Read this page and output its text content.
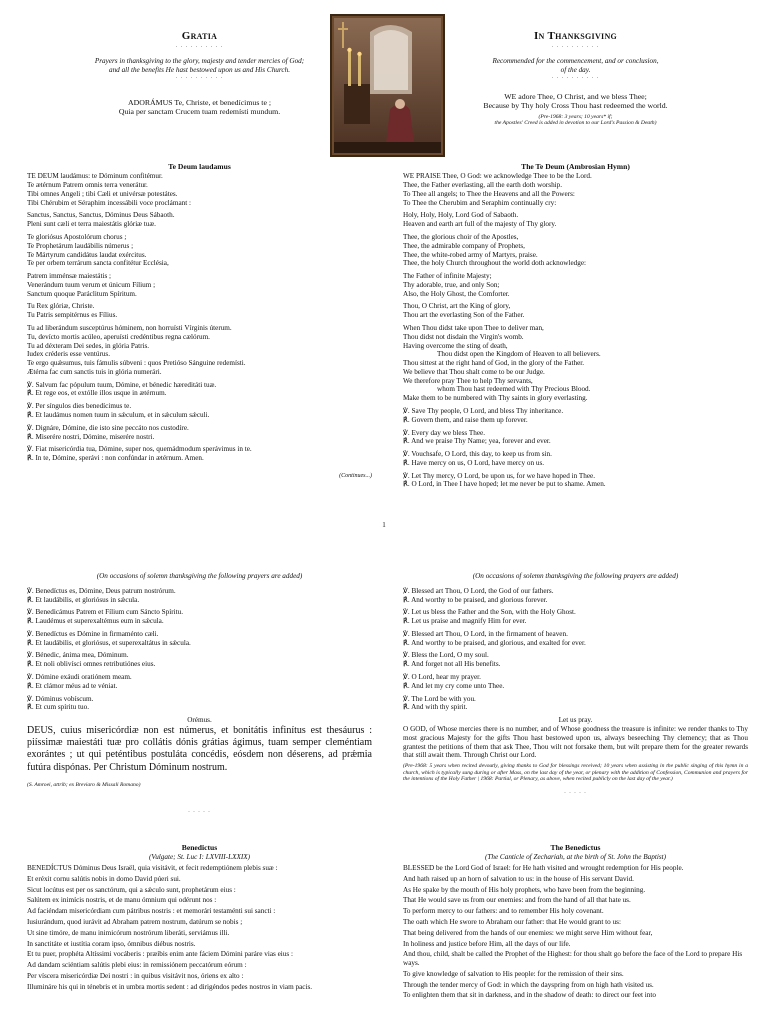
Gratia
. . . . . . . . . .
Prayers in thanksgiving to the glory, majesty and tender mercies of God;
and all the benefits He hast bestowed upon us and His Church.
. . . . . . . . . .
ADORÁMUS Te, Christe, et benedícimus te ;
Quia per sanctam Crucem tuam redemísti mundum.
In Thanksgiving
. . . . . . . . . .
Recommended for the commencement, and or conclusion,
of the day.
. . . . . . . . . .
WE adore Thee, O Christ, and we bless Thee;
Because by Thy holy Cross Thou hast redeemed the world.
(Pre-1968: 3 years; 10 years* if;
the Apostles' Creed is added in devotion to our Lord's Passion & Death)
Te Deum laudamus

TE DEUM laudámus: te Dóminum confitémur.

Te ætérnum Patrem omnis terra venerátur.

Tibi omnes Angeli ; tibi Cæli et univérsæ potestátes.

Tibi Chérubim et Séraphim incessábili voce proclámant :

Sanctus, Sanctus, Sanctus, Dóminus Deus Sábaoth.

Pleni sunt cæli et terra maiestátis glóriæ tuæ.

Te gloriósus Apostolórum chorus ;

Te Prophetárum laudábilis númerus ;

Te Mártyrum candidátus laudat exércitus.

Te per orbem terrárum sancta confitétur Ecclésia,

Patrem imménsæ maiestátis ;

Venerándum tuum verum et únicum Fílium ;

Sanctum quoque Paráclitum Spíritum.

Tu Rex glóriæ, Christe.

Tu Patris sempitérnus es Fílius.

Tu ad liberándum susceptúrus hóminem, non horruísti Vírginis úterum.

Tu, devícto mortis acúleo, aperuísti credéntibus regna cælórum.

Tu ad déxteram Dei sedes, in glória Patris.

Iudex créderis esse ventúrus.

Te ergo quǽsumus, tuis fámulis súbveni : quos Pretióso Sánguine redemísti.

Ætérna fac cum sanctis tuis in glória numerári.

℣. Salvum fac pópulum tuum, Dómine, et bénedic hæreditáti tuæ.

℟. Et rege eos, et extólle illos usque in ætérnum.

℣. Per síngulos dies benedícimus te.

℟. Et laudámus nomen tuum in sǽculum, et in sǽculum sǽculi.

℣. Dignáre, Dómine, die isto sine peccáto nos custodíre.

℟. Miserére nostri, Dómine, miserére nostri.

℣. Fiat misericórdia tua, Dómine, super nos, quemádmodum sperávimus in te.

℟. In te, Dómine, sperávi : non confúndar in ætérnum. Amen.

(Continues...)
The Te Deum (Ambrosian Hymn)

WE PRAISE Thee, O God: we acknowledge Thee to be the Lord.

Thee, the Father everlasting, all the earth doth worship.

To Thee all angels; to Thee the Heavens and all the Powers:

To Thee the Cherubim and Seraphim continually cry:

Holy, Holy, Holy, Lord God of Sabaoth.

Heaven and earth art full of the majesty of Thy glory.

Thee, the glorious choir of the Apostles,

Thee, the admirable company of Prophets,

Thee, the white-robed army of Martyrs, praise.

Thee, the holy Church throughout the world doth acknowledge:

The Father of infinite Majesty;

Thy adorable, true, and only Son;

Also, the Holy Ghost, the Comforter.

Thou, O Christ, art the King of glory,

Thou art the everlasting Son of the Father.

When Thou didst take upon Thee to deliver man,

Thou didst not disdain the Virgin's womb.

Having overcome the sting of death,

Thou didst open the Kingdom of Heaven to all believers.

Thou sittest at the right hand of God, in the glory of the Father.

We believe that Thou shalt come to be our Judge.

We therefore pray Thee to help Thy servants,

whom Thou hast redeemed with Thy Precious Blood.

Make them to be numbered with Thy saints in glory everlasting.

℣. Save Thy people, O Lord, and bless Thy inheritance.

℟. Govern them, and raise them up forever.

℣. Every day we bless Thee.

℟. And we praise Thy Name; yea, forever and ever.

℣. Vouchsafe, O Lord, this day, to keep us from sin.

℟. Have mercy on us, O Lord, have mercy on us.

℣. Let Thy mercy, O Lord, be upon us, for we have hoped in Thee.

℟. O Lord, in Thee I have hoped; let me never be put to shame. Amen.

1
(On occasions of solemn thanksgiving the following prayers are added)

℣. Benedíctus es, Dómine, Deus patrum nostrórum.

℟. Et laudábilis, et gloriósus in sǽcula.

℣. Benedicámus Patrem et Fílium cum Sáncto Spíritu.

℟. Laudémus et superexaltémus eum in sǽcula.

℣. Benedíctus es Dómine in firmaménto cæli.

℟. Et laudábilis, et gloriósus, et superexaltátus in sǽcula.

℣. Bénedic, ánima mea, Dóminum.

℟. Et noli oblivísci omnes retributiónes eius.

℣. Dómine exáudi oratiónem meam.

℟. Et clámor méus ad te véniat.

℣. Dóminus vobíscum.

℟. Et cum spíritu tuo.

Orémus.
DEUS, cuius misericórdiæ non est númerus, et bonitátis infinítus est thesáurus : piíssimæ maiestáti tuæ pro collátis dónis grátias ágimus, tuam semper cleméntiam exorántes ; ut qui peténtibus postuláta concédis, eósdem non déserens, ad prǽmia futúra dispónas. Per Christum Dóminum nostrum.
(S. Amroei, attrib; ex Breviaro & Missali Romano)
. . . . .
(On occasions of solemn thanksgiving the following prayers are added)

℣. Blessed art Thou, O Lord, the God of our fathers.

℟. And worthy to be praised, and glorious forever.

℣. Let us bless the Father and the Son, with the Holy Ghost.

℟. Let us praise and magnify Him for ever.

℣. Blessed art Thou, O Lord, in the firmament of heaven.

℟. And worthy to be praised, and glorious, and exalted for ever.

℣. Bless the Lord, O my soul.

℟. And forget not all His benefits.

℣. O Lord, hear my prayer.

℟. And let my cry come unto Thee.

℣. The Lord be with you.

℟. And with thy spirit.

Let us pray.
O GOD, of Whose mercies there is no number, and of Whose goodness the treasure is infinite: we render thanks to Thy most gracious Majesty for the gifts Thou hast bestowed upon us, always beseeching Thy clemency; that as Thou grantest the petitions of them that ask Thee, Thou wilt not forsake them, but wilt prepare them for the greater rewards that still await them. Through Christ our Lord.
(Pre-1968: 5 years when recited devoutly, giving thanks to God for blessings received; 10 years when assisting in the public singing of this hymn in a church, which is typically sung during or after Mass, on the last day of the year, or plenary with the addition of Confession, Communion and prayers for the intentions of the Holy Father | 1968: Partial, or Plenary, as above, when recited publicly on the last day of the year.)
. . . . .
Benedictus
(Vulgate; St. Luc I: LXVIII-LXXIX)
BENEDÍCTUS Dóminus Deus Israël, quia visitávit, et fecit redemptiónem plebis suæ :
Et eréxit cornu salútis nobis in domo David púeri sui.
Sicut locútus est per os sanctórum, qui a sǽculo sunt, prophetárum eius :
Salútem ex inimícis nostris, et de manu ómnium qui odérunt nos :
Ad faciéndam misericórdiam cum pátribus nostris : et memorári testaménti sui sancti :
Iusiurándum, quod iurávit ad Abraham patrem nostrum, datúrum se nobis ;
Ut sine timóre, de manu inimicórum nostrórum liberáti, serviámus illi.
In sanctitáte et iustítia coram ipso, ómnibus diébus nostris.
Et tu puer, prophéta Altíssimi vocáberis : præíbis enim ante fáciem Dómini paráre vias eius :
Ad dandam sciéntiam salútis plebi eius: in remissiónem peccatórum eórum :
Per víscera misericórdiæ Dei nostri : in quibus visitávit nos, óriens ex alto :
Illumináre his qui in ténebris et in umbra mortis sedent : ad dirigéndos pedes nostros in viam pacis.
The Benedictus
(The Canticle of Zechariah, at the birth of St. John the Baptist)
BLESSED be the Lord God of Israel: for He hath visited and wrought redemption for His people.
And hath raised up an horn of salvation to us: in the house of His servant David.
As He spake by the mouth of His holy prophets, who have been from the beginning.
That He would save us from our enemies: and from the hand of all that hate us.
To perform mercy to our fathers: and to remember His holy covenant.
The oath which He swore to Abraham our father: that He would grant to us:
That being delivered from the hands of our enemies: we might serve Him without fear,
In holiness and justice before Him, all the days of our life.
And thou, child, shalt be called the Prophet of the Highest: for thou shalt go before the face of the Lord to prepare His ways.
To give knowledge of salvation to His people: for the remission of their sins.
Through the tender mercy of God: in which the dayspring from on high hath visited us.
To enlighten them that sit in darkness, and in the shadow of death: to direct our feet into
